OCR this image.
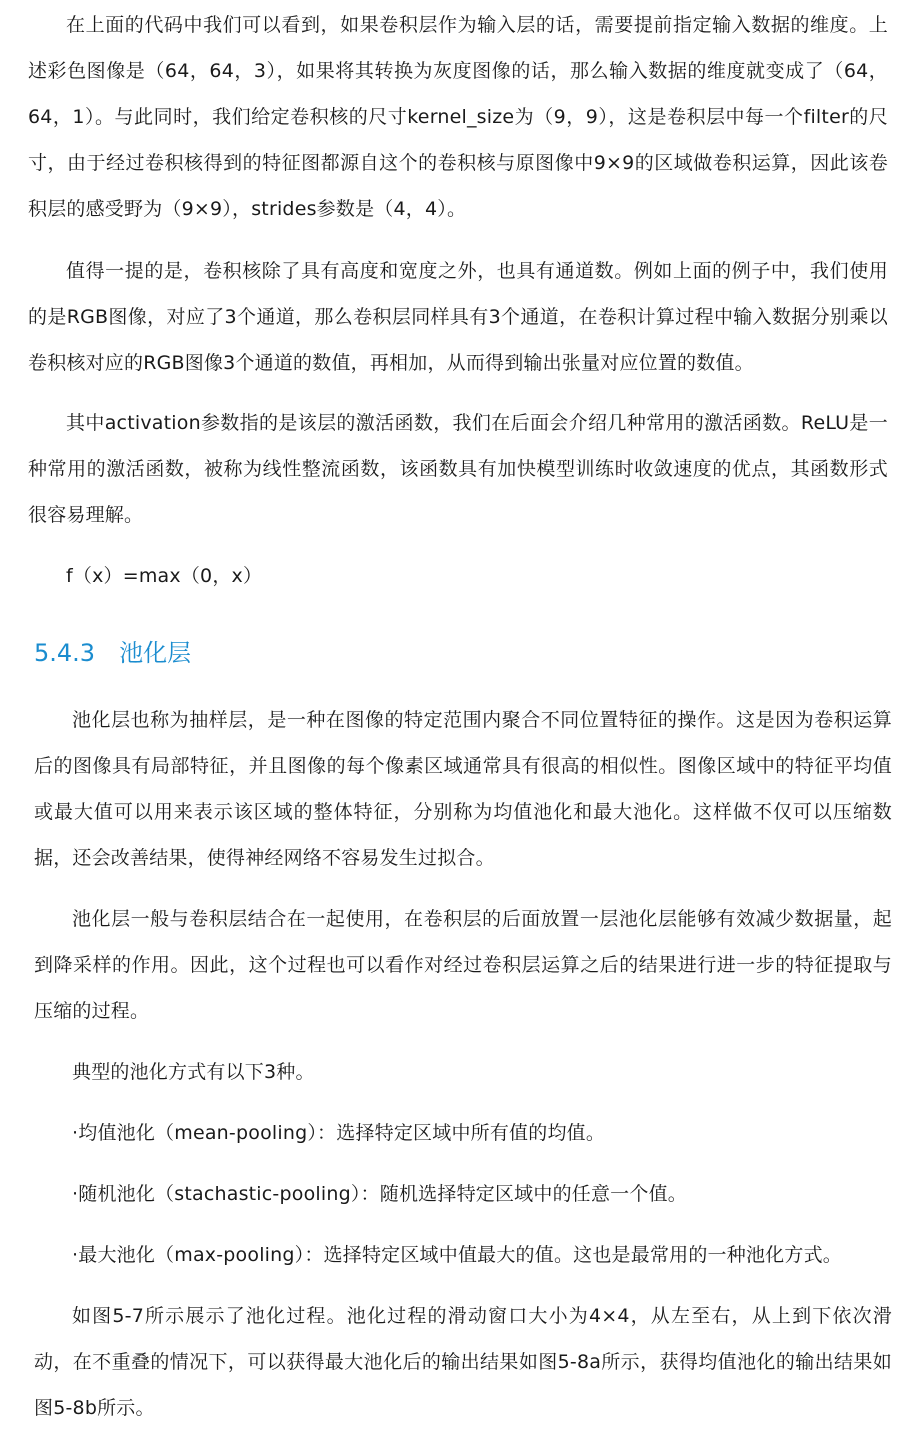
在上面的代码中我们可以看到，如果卷积层作为输入层的话，需要提前指定输入数据的维度。上述彩色图像是（64，64，3），如果将其转换为灰度图像的话，那么输入数据的维度就变成了（64，64，1）。与此同时，我们给定卷积核的尺寸kernel_size为（9，9），这是卷积层中每一个filter的尺寸，由于经过卷积核得到的特征图都源自这个的卷积核与原图像中9×9的区域做卷积运算，因此该卷积层的感受野为（9×9），strides参数是（4，4）。

值得一提的是，卷积核除了具有高度和宽度之外，也具有通道数。例如上面的例子中，我们使用的是RGB图像，对应了3个通道，那么卷积层同样具有3个通道，在卷积计算过程中输入数据分别乘以卷积核对应的RGB图像3个通道的数值，再相加，从而得到输出张量对应位置的数值。

其中activation参数指的是该层的激活函数，我们在后面会介绍几种常用的激活函数。ReLU是一种常用的激活函数，被称为线性整流函数，该函数具有加快模型训练时收敛速度的优点，其函数形式很容易理解。

f（x）=max（0，x）

5.4.3 池化层

池化层也称为抽样层，是一种在图像的特定范围内聚合不同位置特征的操作。这是因为卷积运算后的图像具有局部特征，并且图像的每个像素区域通常具有很高的相似性。图像区域中的特征平均值或最大值可以用来表示该区域的整体特征，分别称为均值池化和最大池化。这样做不仅可以压缩数据，还会改善结果，使得神经网络不容易发生过拟合。

池化层一般与卷积层结合在一起使用，在卷积层的后面放置一层池化层能够有效减少数据量，起到降采样的作用。因此，这个过程也可以看作对经过卷积层运算之后的结果进行进一步的特征提取与压缩的过程。

典型的池化方式有以下3种。

·均值池化（mean-pooling）：选择特定区域中所有值的均值。

·随机池化（stachastic-pooling）：随机选择特定区域中的任意一个值。

·最大池化（max-pooling）：选择特定区域中值最大的值。这也是最常用的一种池化方式。

如图5-7所示展示了池化过程。池化过程的滑动窗口大小为4×4，从左至右，从上到下依次滑动，在不重叠的情况下，可以获得最大池化后的输出结果如图5-8a所示，获得均值池化的输出结果如图5-8b所示。
